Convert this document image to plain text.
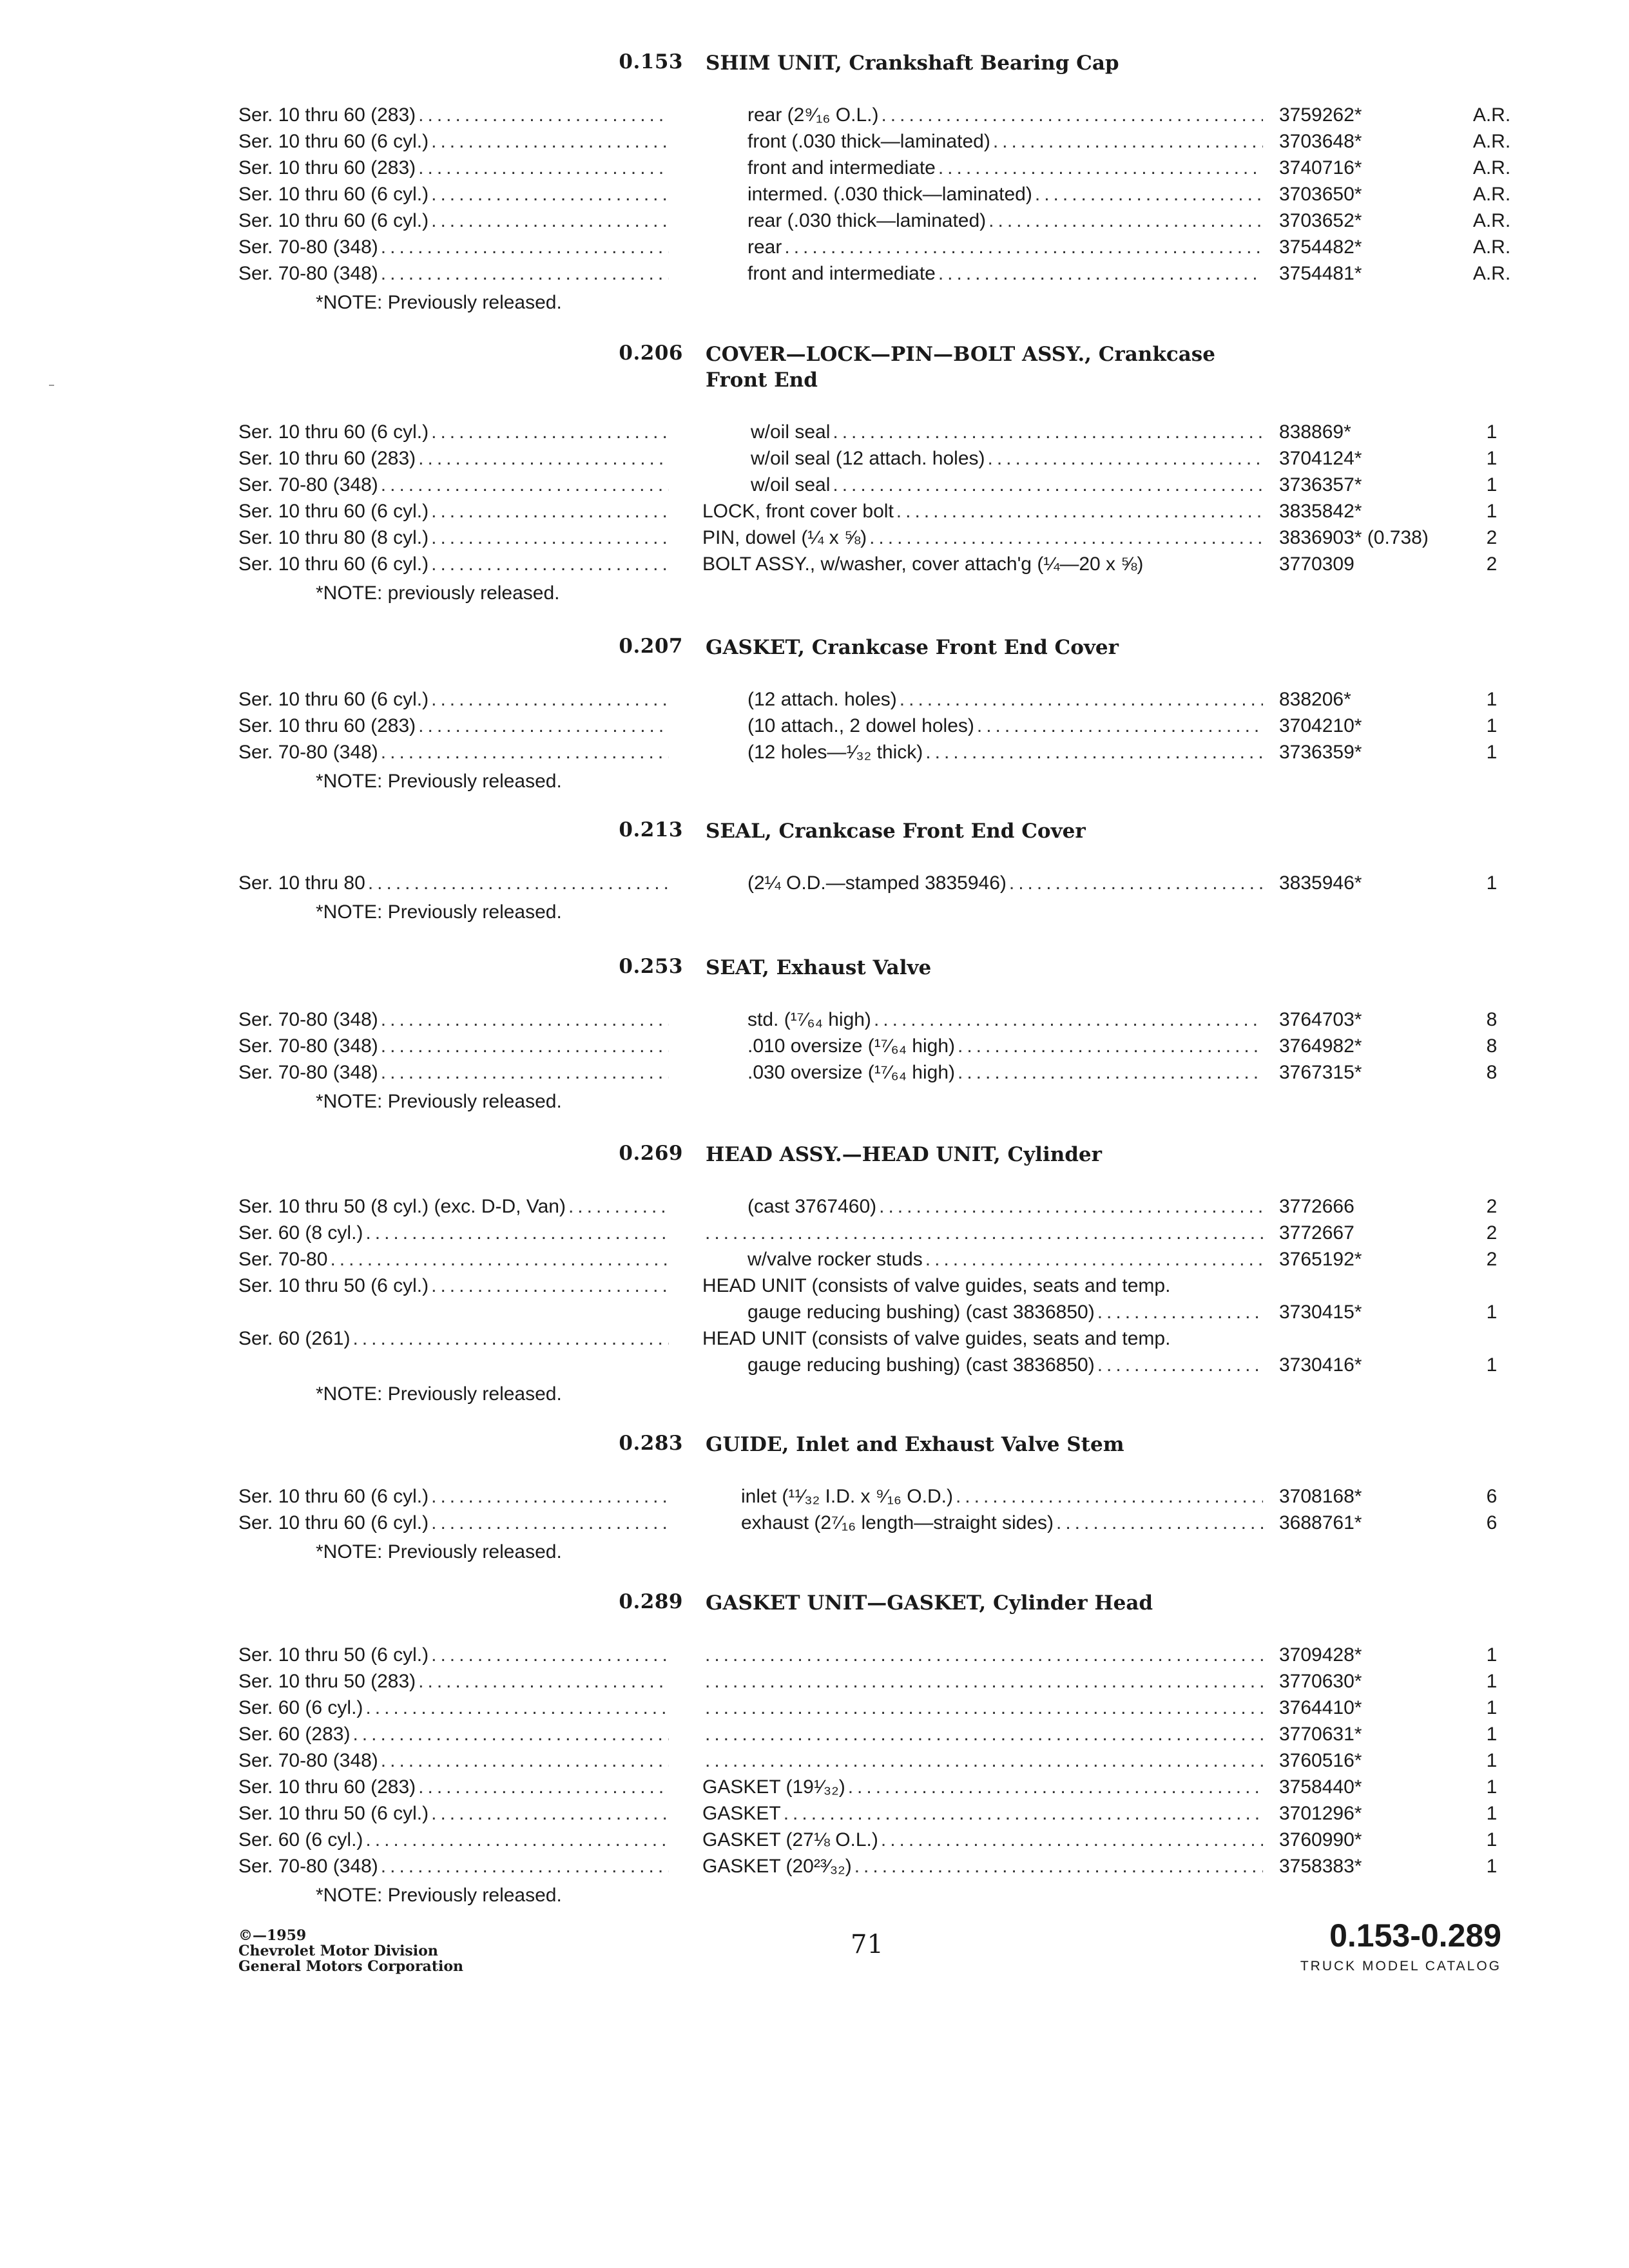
0.153 SHIM UNIT, Crankshaft Bearing Cap
Ser. 10 thru 60 (283) .....	rear (2⁹⁄₁₆ O.L.) .....	3759262*	A.R.
Ser. 10 thru 60 (6 cyl.) .....	front (.030 thick—laminated) .....	3703648*	A.R.
Ser. 10 thru 60 (283) .....	front and intermediate .....	3740716*	A.R.
Ser. 10 thru 60 (6 cyl.) .....	intermed. (.030 thick—laminated) .....	3703650*	A.R.
Ser. 10 thru 60 (6 cyl.) .....	rear (.030 thick—laminated) .....	3703652*	A.R.
Ser. 70-80 (348) .....	rear .....	3754482*	A.R.
Ser. 70-80 (348) .....	front and intermediate .....	3754481*	A.R.
*NOTE: Previously released.
0.206 COVER—LOCK—PIN—BOLT ASSY., Crankcase
Front End
Ser. 10 thru 60 (6 cyl.) .....	w/oil seal .....	838869*	1
Ser. 10 thru 60 (283) .....	w/oil seal (12 attach. holes) .....	3704124*	1
Ser. 70-80 (348) .....	w/oil seal .....	3736357*	1
Ser. 10 thru 60 (6 cyl.) .....	LOCK, front cover bolt .....	3835842*	1
Ser. 10 thru 80 (8 cyl.) .....	PIN, dowel (¼ x ⅝) .....	3836903* (0.738)	2
Ser. 10 thru 60 (6 cyl.) .....	BOLT ASSY., w/washer, cover attach'g (¼—20 x ⅝)	3770309	2
*NOTE: previously released.
0.207 GASKET, Crankcase Front End Cover
Ser. 10 thru 60 (6 cyl.) .....	(12 attach. holes) .....	838206*	1
Ser. 10 thru 60 (283) .....	(10 attach., 2 dowel holes) .....	3704210*	1
Ser. 70-80 (348) .....	(12 holes—¹⁄₃₂ thick) .....	3736359*	1
*NOTE: Previously released.
0.213 SEAL, Crankcase Front End Cover
Ser. 10 thru 80 .....	(2¼ O.D.—stamped 3835946) .....	3835946*	1
*NOTE: Previously released.
0.253 SEAT, Exhaust Valve
Ser. 70-80 (348) .....	std. (¹⁷⁄₆₄ high) .....	3764703*	8
Ser. 70-80 (348) .....	.010 oversize (¹⁷⁄₆₄ high) .....	3764982*	8
Ser. 70-80 (348) .....	.030 oversize (¹⁷⁄₆₄ high) .....	3767315*	8
*NOTE: Previously released.
0.269 HEAD ASSY.—HEAD UNIT, Cylinder
Ser. 10 thru 50 (8 cyl.) (exc. D-D, Van) .....	(cast 3767460) .....	3772666	2
Ser. 60 (8 cyl.) ..... .....	3772667	2
Ser. 70-80 .....	w/valve rocker studs .....	3765192*	2
Ser. 10 thru 50 (6 cyl.) .....	HEAD UNIT (consists of valve guides, seats and temp.
gauge reducing bushing) (cast 3836850) .....	3730415*	1
Ser. 60 (261) .....	HEAD UNIT (consists of valve guides, seats and temp.
gauge reducing bushing) (cast 3836850) .....	3730416*	1
*NOTE: Previously released.
0.283 GUIDE, Inlet and Exhaust Valve Stem
Ser. 10 thru 60 (6 cyl.) .....	inlet (¹¹⁄₃₂ I.D. x ⁹⁄₁₆ O.D.) .....	3708168*	6
Ser. 10 thru 60 (6 cyl.) .....	exhaust (2⁷⁄₁₆ length—straight sides) .....	3688761*	6
*NOTE: Previously released.
0.289 GASKET UNIT—GASKET, Cylinder Head
Ser. 10 thru 50 (6 cyl.) ..... .....	3709428*	1
Ser. 10 thru 50 (283) ..... .....	3770630*	1
Ser. 60 (6 cyl.) ..... .....	3764410*	1
Ser. 60 (283) ..... .....	3770631*	1
Ser. 70-80 (348) ..... .....	3760516*	1
Ser. 10 thru 60 (283) .....	GASKET (19¹⁄₃₂) .....	3758440*	1
Ser. 10 thru 50 (6 cyl.) .....	GASKET .....	3701296*	1
Ser. 60 (6 cyl.) .....	GASKET (27⅛ O.L.) .....	3760990*	1
Ser. 70-80 (348) .....	GASKET (20²³⁄₃₂) .....	3758383*	1
*NOTE: Previously released.
©—1959
Chevrolet Motor Division
General Motors Corporation
71	0.153-0.289
TRUCK MODEL CATALOG
